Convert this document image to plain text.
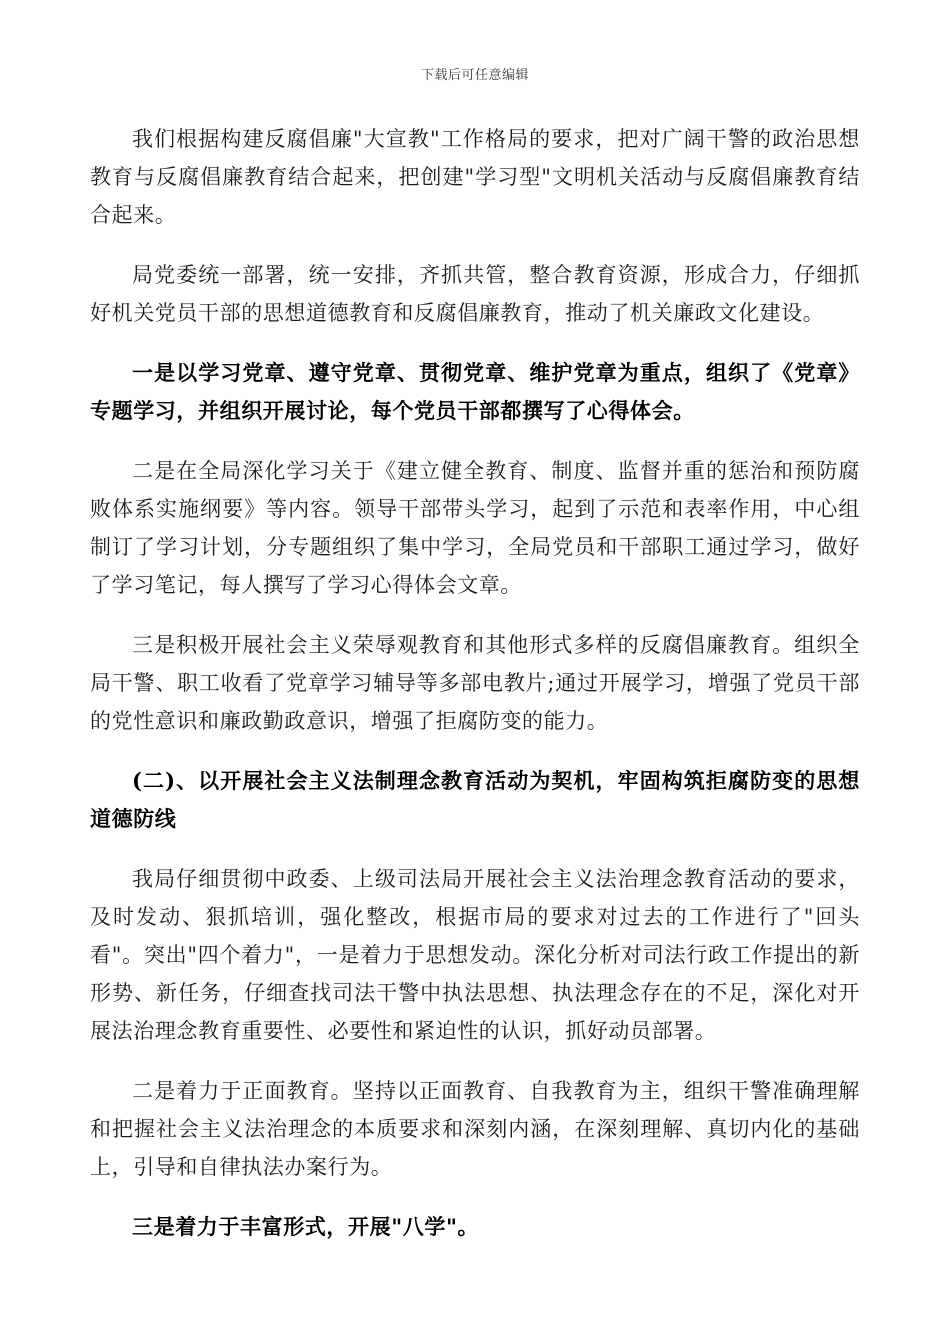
下载后可任意编辑

我们根据构建反腐倡廉"大宣教"工作格局的要求，把对广阔干警的政治思想教育与反腐倡廉教育结合起来，把创建"学习型"文明机关活动与反腐倡廉教育结合起来。

局党委统一部署，统一安排，齐抓共管，整合教育资源，形成合力，仔细抓好机关党员干部的思想道德教育和反腐倡廉教育，推动了机关廉政文化建设。

一是以学习党章、遵守党章、贯彻党章、维护党章为重点，组织了《党章》专题学习，并组织开展讨论，每个党员干部都撰写了心得体会。

二是在全局深化学习关于《建立健全教育、制度、监督并重的惩治和预防腐败体系实施纲要》等内容。领导干部带头学习，起到了示范和表率作用，中心组制订了学习计划，分专题组织了集中学习，全局党员和干部职工通过学习，做好了学习笔记，每人撰写了学习心得体会文章。

三是积极开展社会主义荣辱观教育和其他形式多样的反腐倡廉教育。组织全局干警、职工收看了党章学习辅导等多部电教片;通过开展学习，增强了党员干部的党性意识和廉政勤政意识，增强了拒腐防变的能力。

(二)、以开展社会主义法制理念教育活动为契机，牢固构筑拒腐防变的思想道德防线

我局仔细贯彻中政委、上级司法局开展社会主义法治理念教育活动的要求，及时发动、狠抓培训，强化整改，根据市局的要求对过去的工作进行了"回头看"。突出"四个着力"，一是着力于思想发动。深化分析对司法行政工作提出的新形势、新任务，仔细查找司法干警中执法思想、执法理念存在的不足，深化对开展法治理念教育重要性、必要性和紧迫性的认识，抓好动员部署。

二是着力于正面教育。坚持以正面教育、自我教育为主，组织干警准确理解和把握社会主义法治理念的本质要求和深刻内涵，在深刻理解、真切内化的基础上，引导和自律执法办案行为。

三是着力于丰富形式，开展"八学"。
